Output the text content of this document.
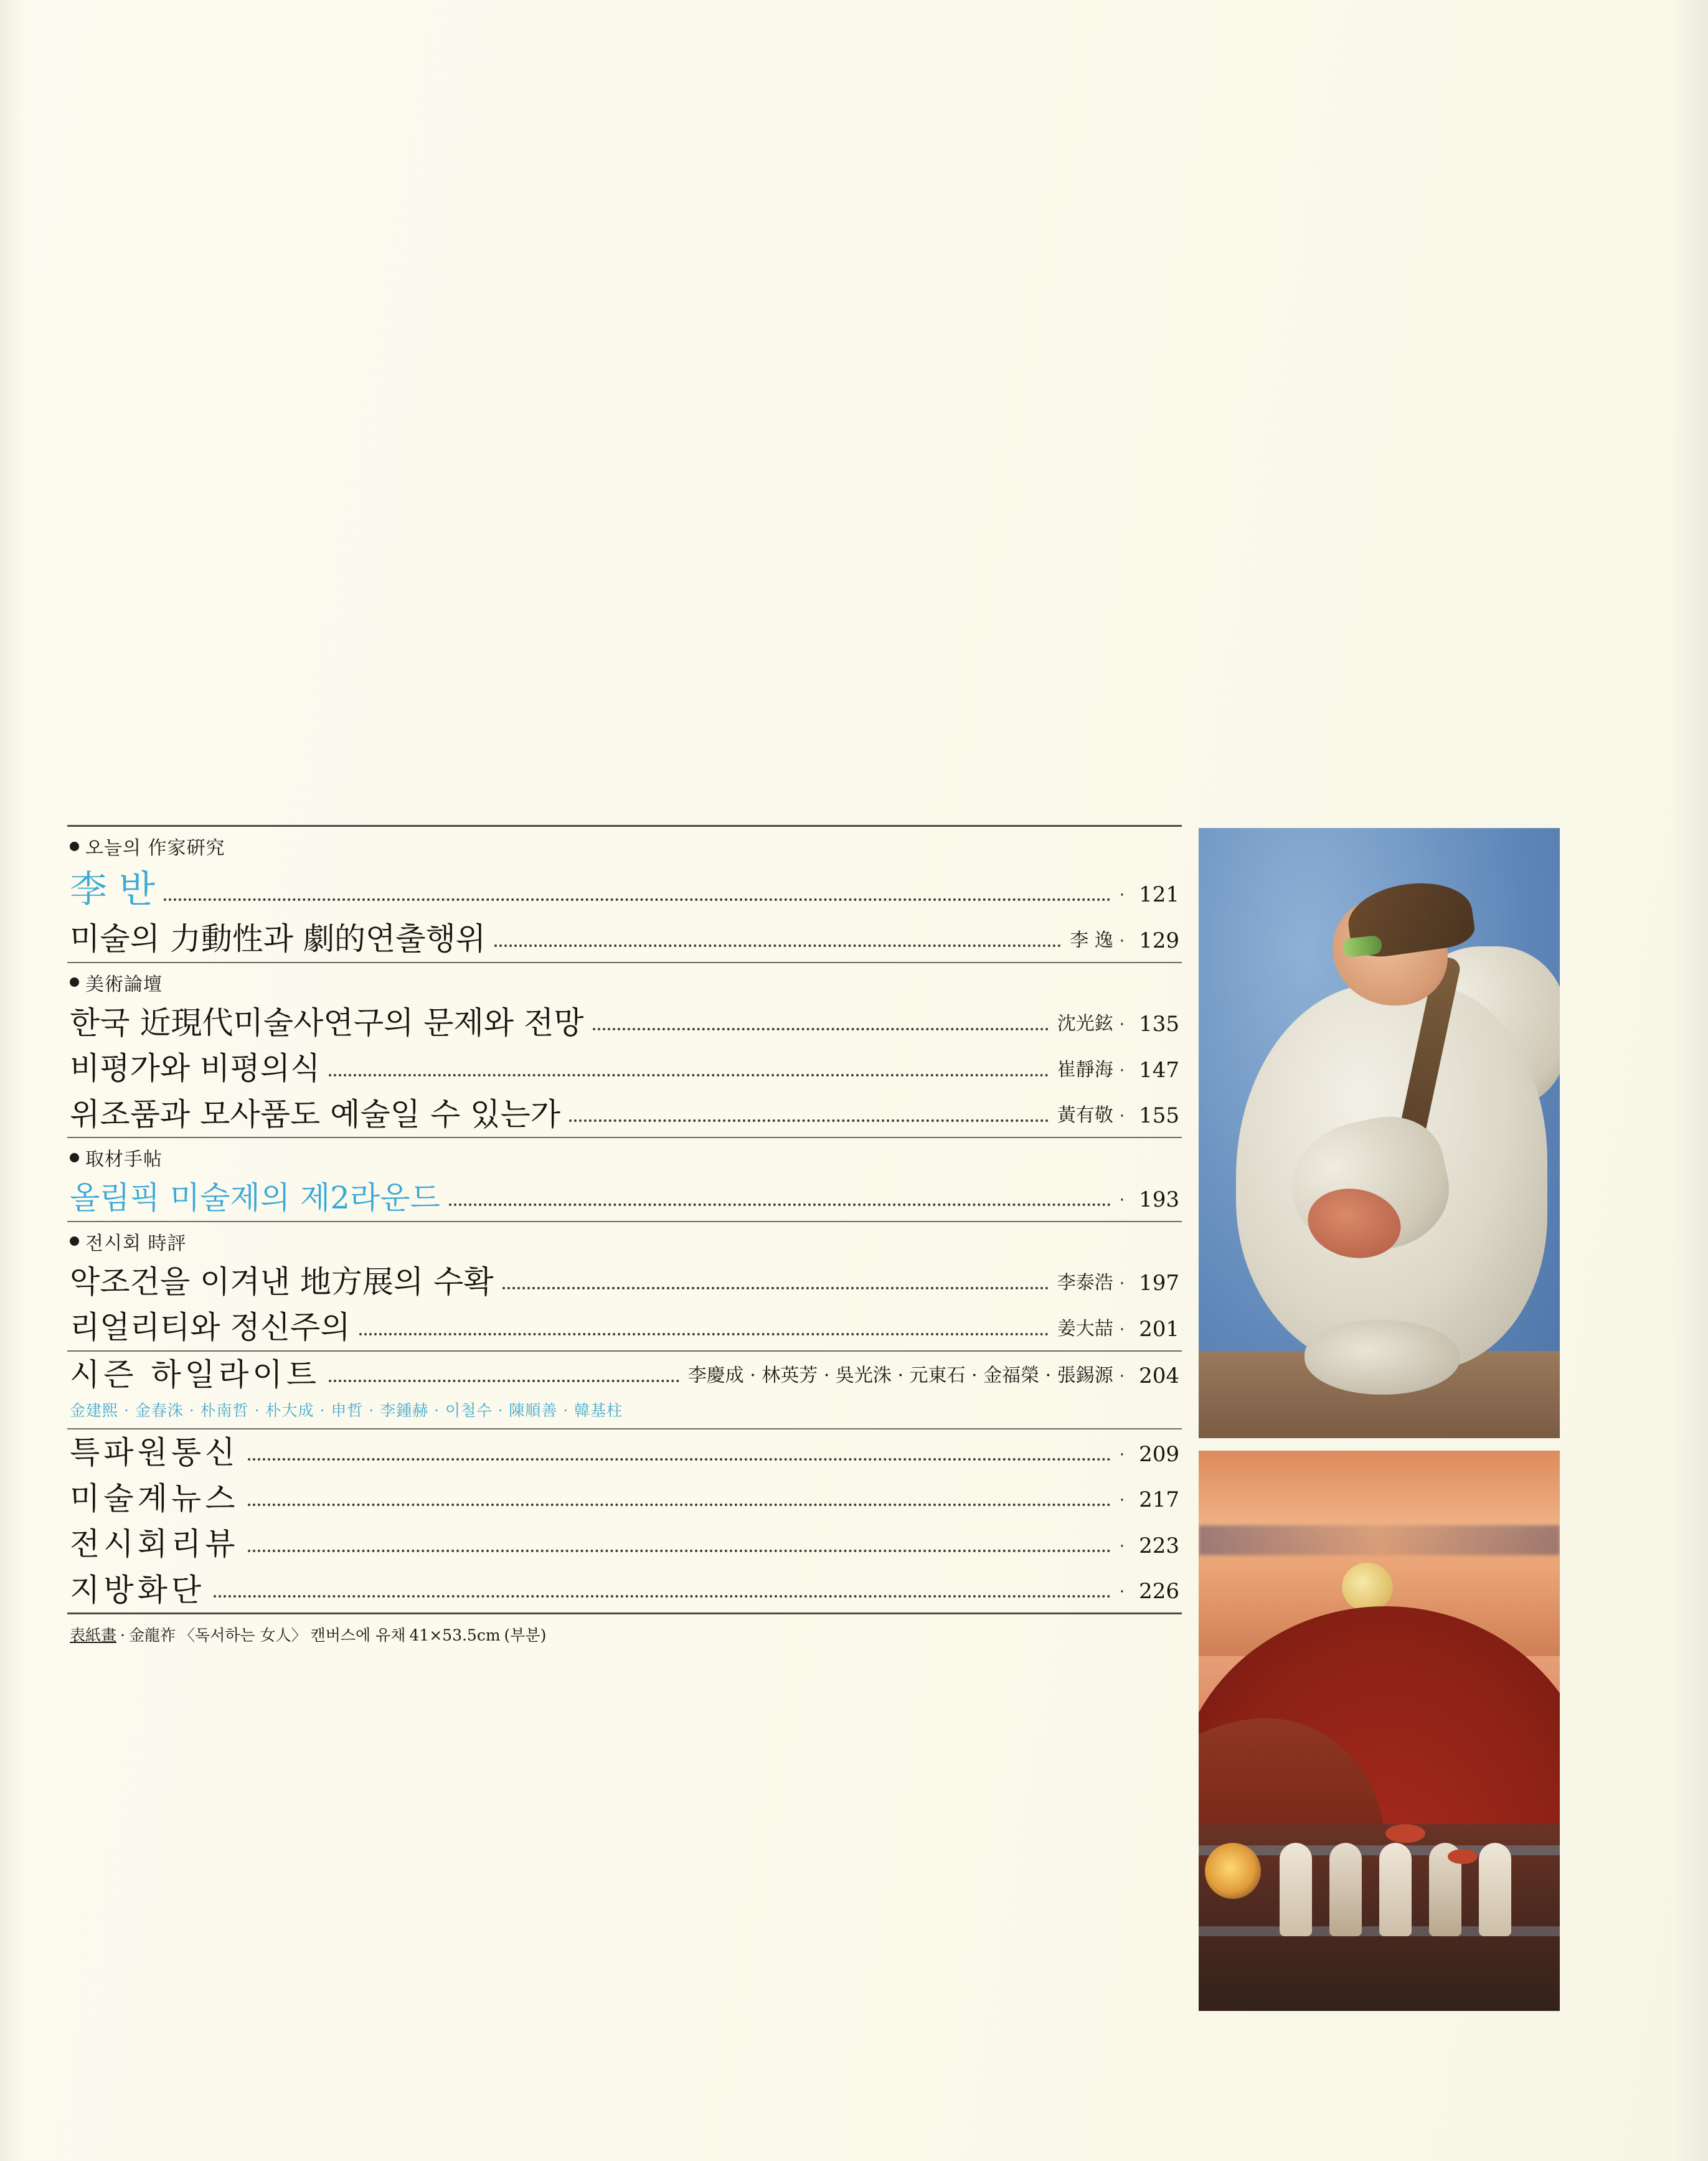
오늘의 作家硏究
李 반	· 121
미술의 力動性과 劇的연출행위	李 逸 · 129
美術論壇
한국 近現代미술사연구의 문제와 전망	沈光鉉 · 135
비평가와 비평의식	崔靜海 · 147
위조품과 모사품도 예술일 수 있는가	黃有敬 · 155
取材手帖
올림픽 미술제의 제2라운드	· 193
전시회 時評
악조건을 이겨낸 地方展의 수확	李泰浩 · 197
리얼리티와 정신주의	姜大喆 · 201
시즌 하일라이트	李慶成 · 林英芳 · 吳光洙 · 元東石 · 金福榮 · 張錫源 · 204
金建熙 · 金春洙 · 朴南哲 · 朴大成 · 申哲 · 李鍾赫 · 이철수 · 陳順善 · 韓基柱
특파원통신	· 209
미술계뉴스	· 217
전시회리뷰	· 223
지방화단	· 226
表紙畫 · 金龍祚 〈독서하는 女人〉 캔버스에 유채 41×53.5cm (부분)
